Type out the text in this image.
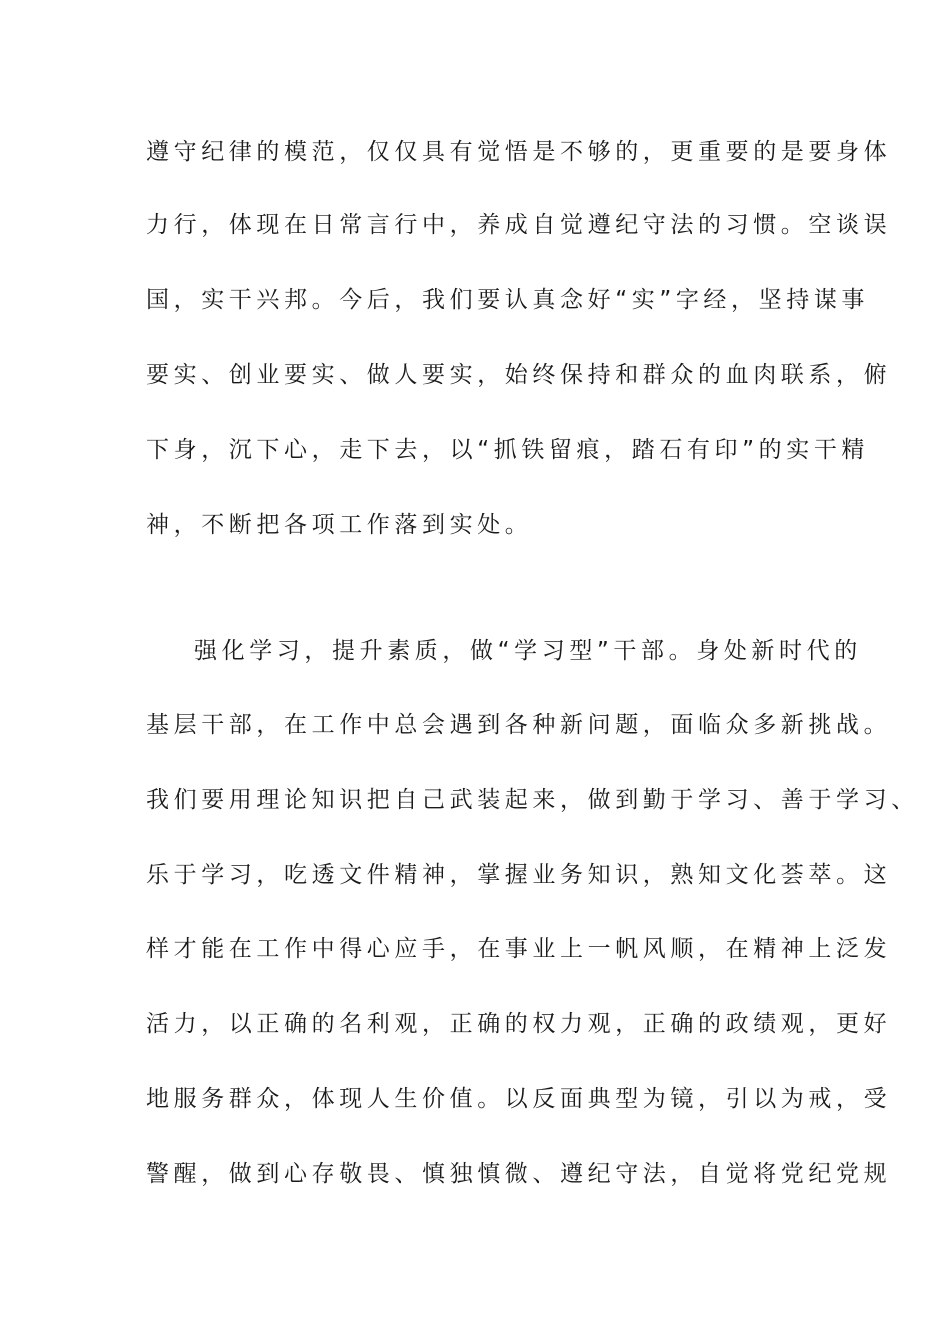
遵守纪律的模范，仅仅具有觉悟是不够的，更重要的是要身体
力行，体现在日常言行中，养成自觉遵纪守法的习惯。空谈误
国，实干兴邦。今后，我们要认真念好“实”字经，坚持谋事
要实、创业要实、做人要实，始终保持和群众的血肉联系，俯
下身，沉下心，走下去，以“抓铁留痕，踏石有印”的实干精
神，不断把各项工作落到实处。
强化学习，提升素质，做“学习型”干部。身处新时代的
基层干部，在工作中总会遇到各种新问题，面临众多新挑战。
我们要用理论知识把自己武装起来，做到勤于学习、善于学习、
乐于学习，吃透文件精神，掌握业务知识，熟知文化荟萃。这
样才能在工作中得心应手，在事业上一帆风顺，在精神上泛发
活力，以正确的名利观，正确的权力观，正确的政绩观，更好
地服务群众，体现人生价值。以反面典型为镜，引以为戒，受
警醒，做到心存敬畏、慎独慎微、遵纪守法，自觉将党纪党规
